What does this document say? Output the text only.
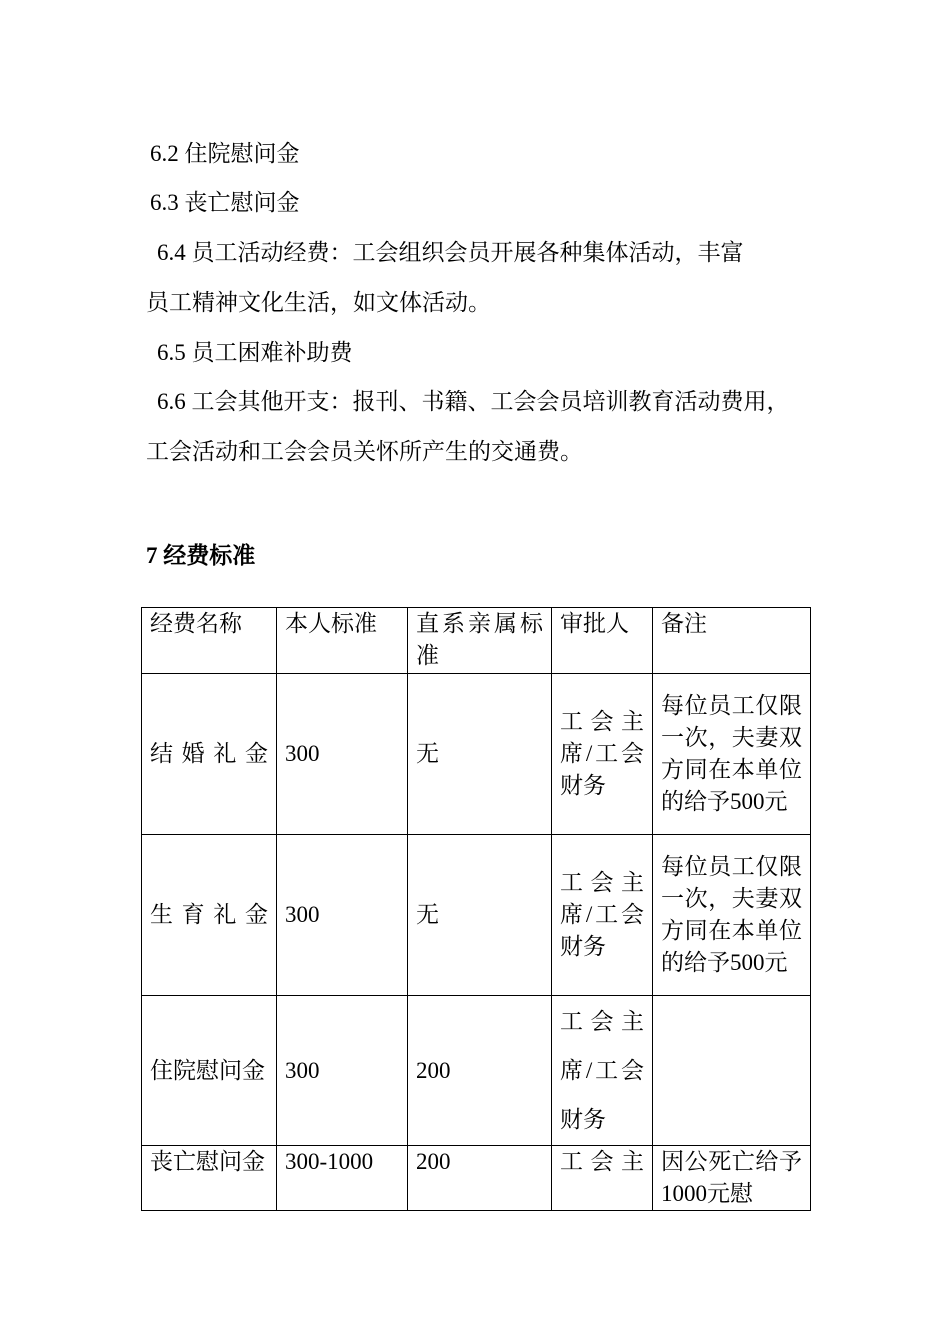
6.2 住院慰问金
6.3 丧亡慰问金
6.4 员工活动经费：工会组织会员开展各种集体活动，丰富
员工精神文化生活，如文体活动。
6.5 员工困难补助费
6.6 工会其他开支：报刊、书籍、工会会员培训教育活动费用，
工会活动和工会会员关怀所产生的交通费。
7 经费标准
经费名称	本人标准	直系亲属标准	审批人	备注
结婚礼金	300	无	工会主席/工会财务	每位员工仅限一次，夫妻双方同在本单位的给予500元
生育礼金	300	无	工会主席/工会财务	每位员工仅限一次，夫妻双方同在本单位的给予500元
住院慰问金	300	200	工会主席/工会财务	
丧亡慰问金	300-1000	200	工会主	因公死亡给予1000元慰
